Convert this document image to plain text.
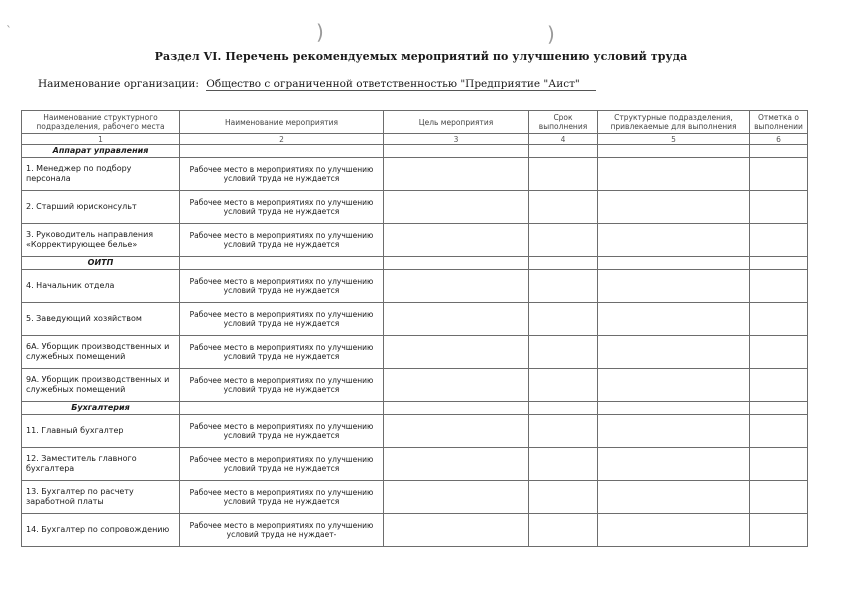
)	)
`
Раздел VI. Перечень рекомендуемых мероприятий по улучшению условий труда
Наименование организации: Общество с ограниченной ответственностью "Предприятие "Аист"
Наименование структурного подразделения, рабочего места	Наименование мероприятия	Цель мероприятия	Срок выполнения	Структурные подразделения, привлекаемые для выполнения	Отметка о выполнении
1	2	3	4	5	6
Аппарат управления					
1. Менеджер по подбору персонала	Рабочее место в мероприятиях по улучшению условий труда не нуждается				
2. Старший юрисконсульт	Рабочее место в мероприятиях по улучшению условий труда не нуждается				
3. Руководитель направления «Корректирующее белье»	Рабочее место в мероприятиях по улучшению условий труда не нуждается				
ОИТП					
4. Начальник отдела	Рабочее место в мероприятиях по улучшению условий труда не нуждается				
5. Заведующий хозяйством	Рабочее место в мероприятиях по улучшению условий труда не нуждается				
6А. Уборщик производственных и служебных помещений	Рабочее место в мероприятиях по улучшению условий труда не нуждается				
9А. Уборщик производственных и служебных помещений	Рабочее место в мероприятиях по улучшению условий труда не нуждается				
Бухгалтерия					
11. Главный бухгалтер	Рабочее место в мероприятиях по улучшению условий труда не нуждается				
12. Заместитель главного бухгалтера	Рабочее место в мероприятиях по улучшению условий труда не нуждается				
13. Бухгалтер по расчету заработной платы	Рабочее место в мероприятиях по улучшению условий труда не нуждается				
14. Бухгалтер по сопровождению	Рабочее место в мероприятиях по улучшению условий труда не нуждает-				
